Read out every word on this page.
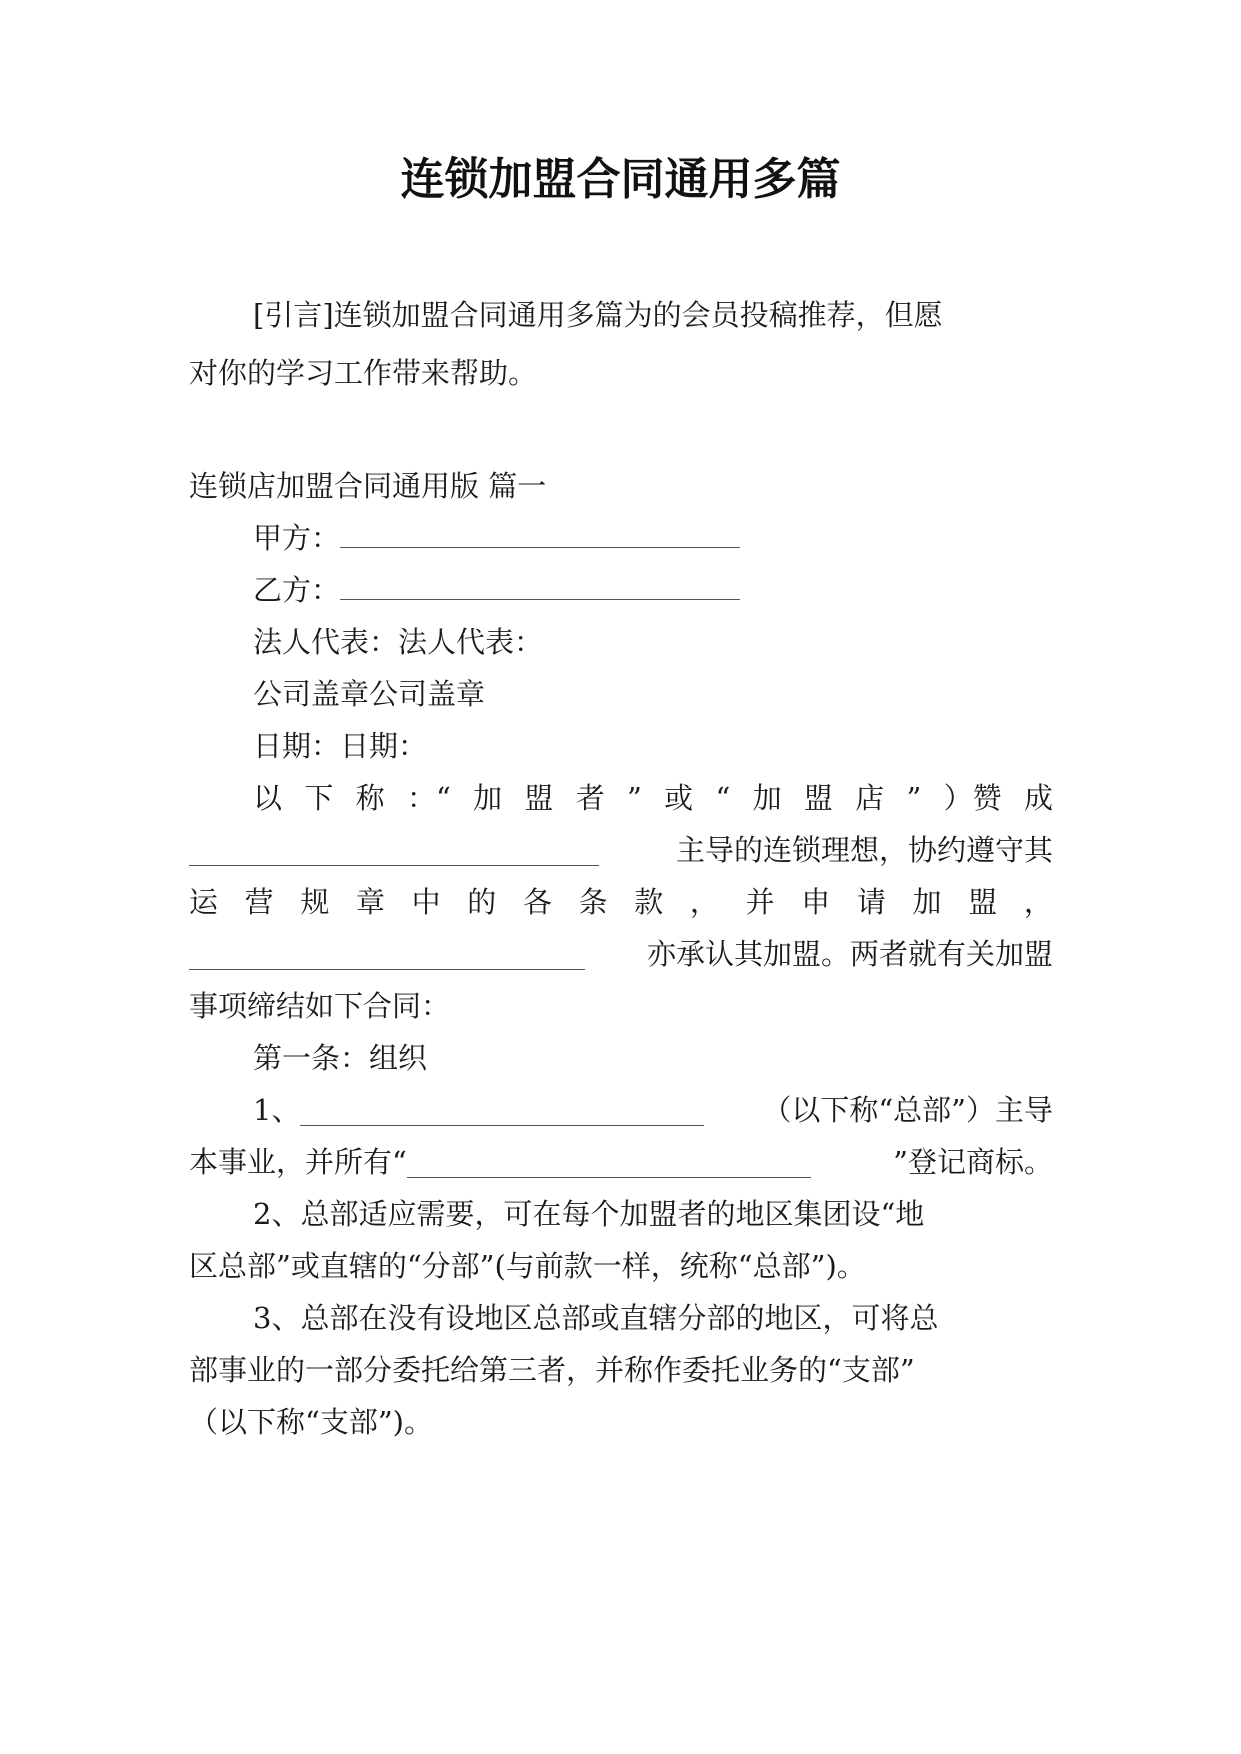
连锁加盟合同通用多篇
[引言]连锁加盟合同通用多篇为的会员投稿推荐，但愿
对你的学习工作带来帮助。
连锁店加盟合同通用版 篇一
甲方：
乙方：
法人代表：法人代表：
公司盖章公司盖章
日期：日期：
以 下 称 ：“ 加 盟 者 ” 或 “ 加 盟 店 ” ）赞 成
主导的连锁理想，协约遵守其
运 营 规 章 中 的 各 条 款 ， 并 申 请 加 盟 ，
亦承认其加盟。两者就有关加盟
事项缔结如下合同：
第一条：组织
1、	（以下称“总部”）主导
本事业，并所有“	”登记商标。
2、总部适应需要，可在每个加盟者的地区集团设“地
区总部”或直辖的“分部”(与前款一样，统称“总部”)。
3、总部在没有设地区总部或直辖分部的地区，可将总
部事业的一部分委托给第三者，并称作委托业务的“支部”
（以下称“支部”)。
